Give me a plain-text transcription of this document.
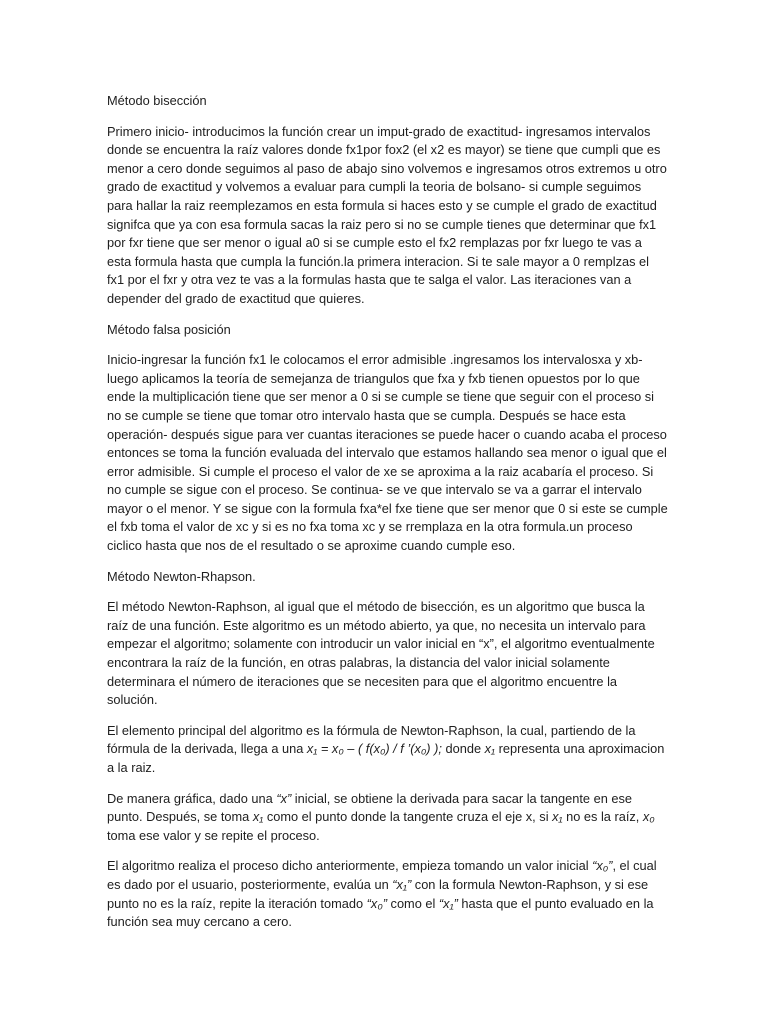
Método bisección
Primero inicio- introducimos la función crear un imput-grado de exactitud- ingresamos intervalos donde se encuentra la raíz valores donde fx1por fox2 (el x2 es mayor) se tiene que cumpli que es menor a cero donde seguimos al paso de abajo sino volvemos e ingresamos otros extremos u otro grado de exactitud y volvemos a evaluar para cumpli la teoria de bolsano- si cumple seguimos para hallar la raiz reemplezamos en esta formula si haces esto y se cumple el grado de exactitud signifca que ya con esa formula sacas la raiz pero si no se cumple tienes que determinar que fx1 por fxr tiene que ser menor o igual a0 si se cumple esto el fx2 remplazas por fxr luego te vas a esta formula hasta que cumpla la función.la primera interacion. Si te sale mayor a 0 remplzas el fx1 por el fxr y otra vez te vas a la formulas hasta que te salga el valor. Las iteraciones van a depender del grado de exactitud que quieres.
Método falsa posición
Inicio-ingresar la función fx1 le colocamos el error admisible .ingresamos los intervalosxa y xb- luego aplicamos la teoría de semejanza de triangulos que fxa y fxb tienen opuestos por lo que ende la multiplicación tiene que ser menor a 0 si se cumple se tiene que seguir con el proceso si no se cumple se tiene que tomar otro intervalo hasta que se cumpla. Después se hace esta operación- después sigue para ver cuantas iteraciones se puede hacer o cuando acaba el proceso entonces se toma la función evaluada del intervalo que estamos hallando sea menor o igual que el error admisible. Si cumple el proceso el valor de xe se aproxima a la raiz acabaría el proceso. Si no cumple se sigue con el proceso. Se continua- se ve que intervalo se va a garrar el intervalo mayor o el menor. Y se sigue con la formula fxa*el fxe tiene que ser menor que 0 si este se cumple el fxb toma el valor de xc y si es no fxa toma xc y se rremplaza en la otra formula.un proceso ciclico hasta que nos de el resultado o se aproxime cuando cumple eso.
Método Newton-Rhapson.
El método Newton-Raphson, al igual que el método de bisección, es un algoritmo que busca la raíz de una función. Este algoritmo es un método abierto, ya que, no necesita un intervalo para empezar el algoritmo; solamente con introducir un valor inicial en “x”, el algoritmo eventualmente encontrara la raíz de la función, en otras palabras, la distancia del valor inicial solamente determinara el número de iteraciones que se necesiten para que el algoritmo encuentre la solución.
El elemento principal del algoritmo es la fórmula de Newton-Raphson, la cual, partiendo de la fórmula de la derivada, llega a una x₁ = x₀ – ( f(x₀) / f ’(x₀) ); donde x₁ representa una aproximacion a la raiz.
De manera gráfica, dado una “x” inicial, se obtiene la derivada para sacar la tangente en ese punto. Después, se toma x₁ como el punto donde la tangente cruza el eje x, si x₁ no es la raíz, x₀ toma ese valor y se repite el proceso.
El algoritmo realiza el proceso dicho anteriormente, empieza tomando un valor inicial “x₀”, el cual es dado por el usuario, posteriormente, evalúa un “x₁” con la formula Newton-Raphson, y si ese punto no es la raíz, repite la iteración tomado “x₀” como el “x₁” hasta que el punto evaluado en la función sea muy cercano a cero.
